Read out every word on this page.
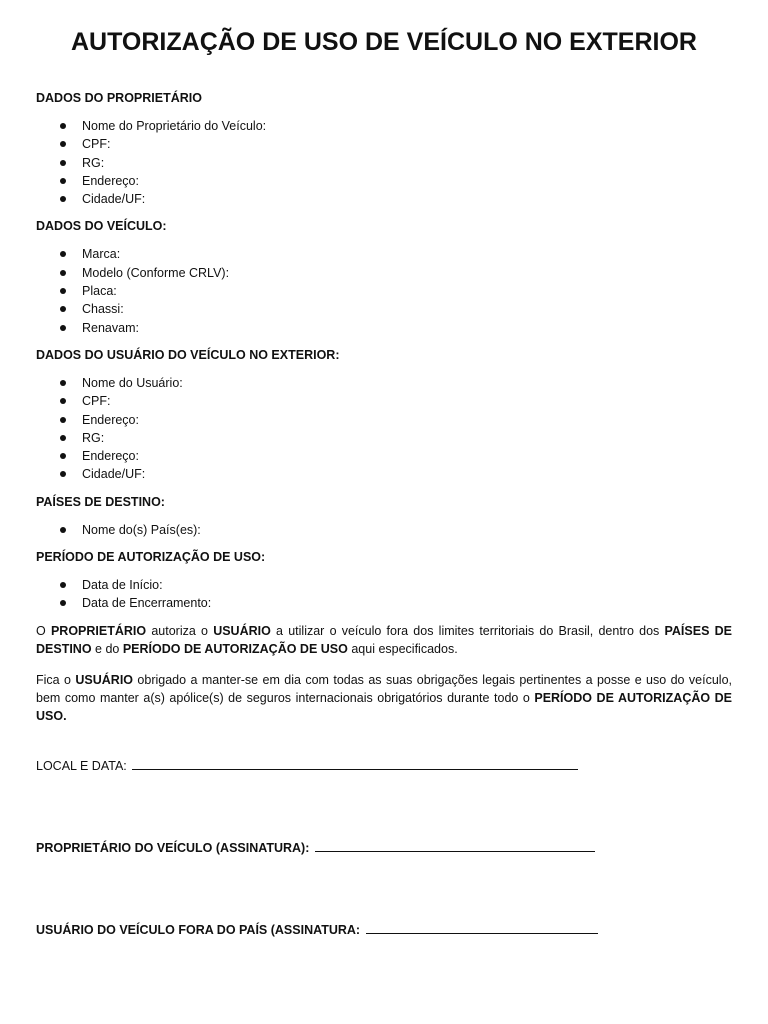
AUTORIZAÇÃO DE USO DE VEÍCULO NO EXTERIOR

DADOS DO PROPRIETÁRIO

Nome do Proprietário do Veículo:
CPF:
RG:
Endereço:
Cidade/UF:

DADOS DO VEÍCULO:

Marca:
Modelo (Conforme CRLV):
Placa:
Chassi:
Renavam:

DADOS DO USUÁRIO DO VEÍCULO NO EXTERIOR:

Nome do Usuário:
CPF:
Endereço:
RG:
Endereço:
Cidade/UF:

PAÍSES DE DESTINO:

Nome do(s) País(es):

PERÍODO DE AUTORIZAÇÃO DE USO:

Data de Início:
Data de Encerramento:

O PROPRIETÁRIO autoriza o USUÁRIO a utilizar o veículo fora dos limites territoriais do Brasil, dentro dos PAÍSES DE DESTINO e do PERÍODO DE AUTORIZAÇÃO DE USO aqui especificados.

Fica o USUÁRIO obrigado a manter-se em dia com todas as suas obrigações legais pertinentes a posse e uso do veículo, bem como manter a(s) apólice(s) de seguros internacionais obrigatórios durante todo o PERÍODO DE AUTORIZAÇÃO DE USO.

LOCAL E DATA:
PROPRIETÁRIO DO VEÍCULO (ASSINATURA):
USUÁRIO DO VEÍCULO FORA DO PAÍS (ASSINATURA:
